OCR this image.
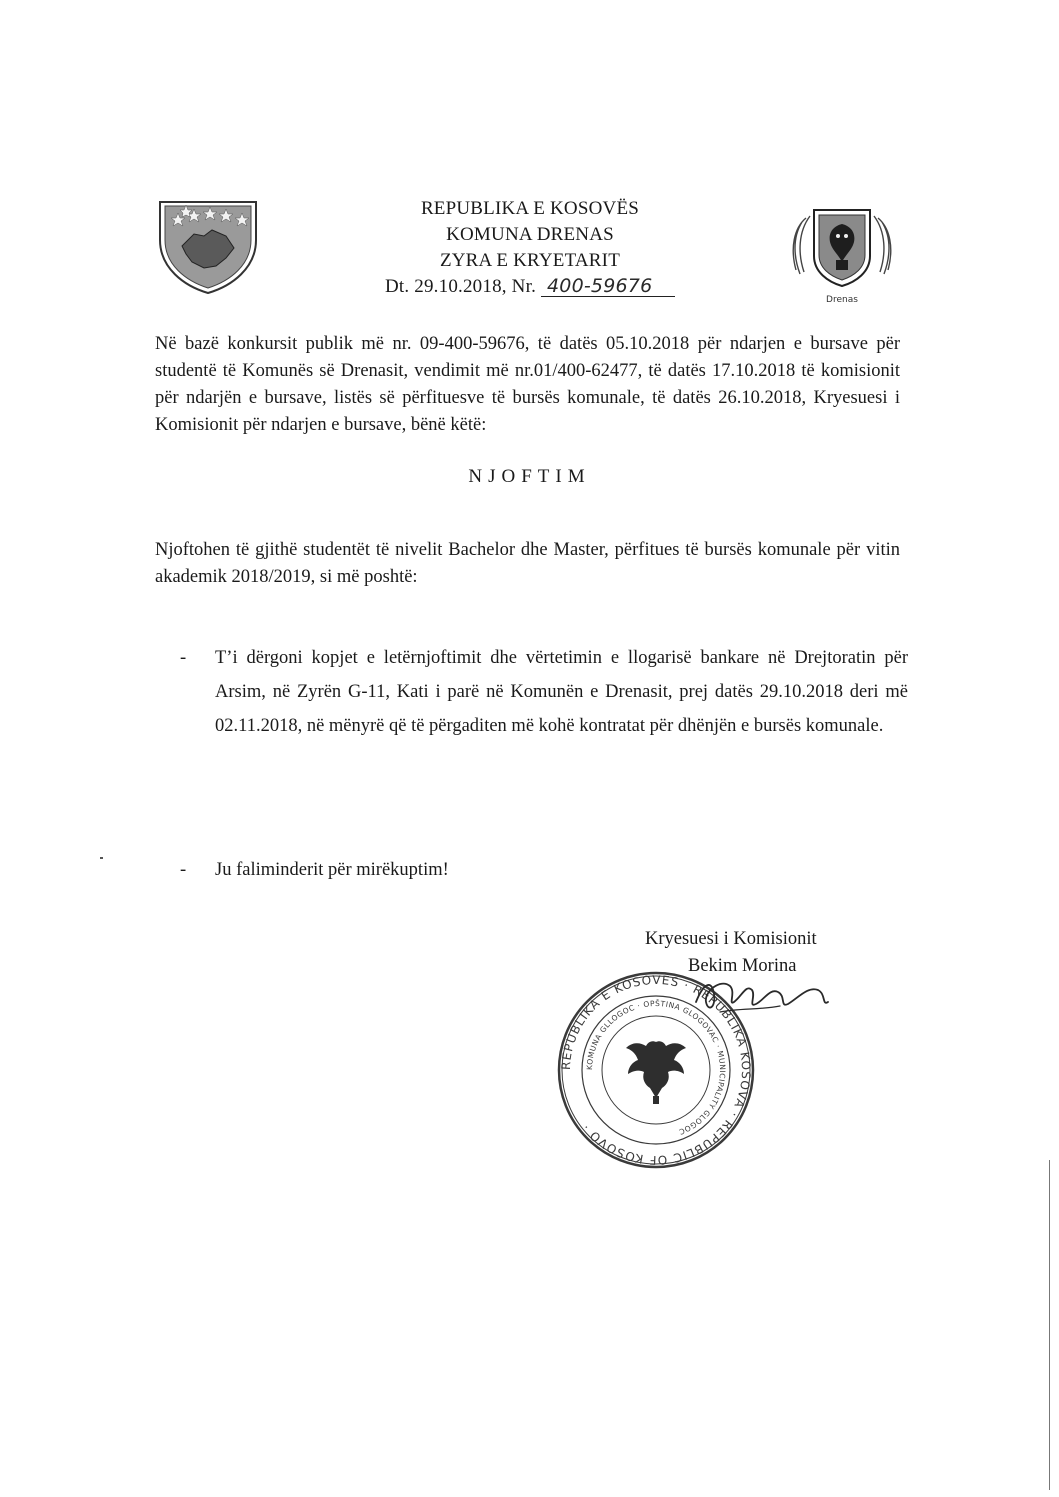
REPUBLIKA E KOSOVËS
KOMUNA DRENAS
ZYRA E KRYETARIT
Dt. 29.10.2018, Nr. 400-59676
Drenas
Në bazë konkursit publik më nr. 09-400-59676, të datës 05.10.2018 për ndarjen e bursave për studentë të Komunës së Drenasit, vendimit më nr.01/400-62477, të datës 17.10.2018 të komisionit për ndarjën e bursave, listës së përfituesve të bursës komunale, të datës 26.10.2018, Kryesuesi i Komisionit për ndarjen e bursave, bënë këtë:
NJOFTIM
Njoftohen të gjithë studentët të nivelit Bachelor dhe Master, përfitues të bursës komunale për vitin akademik 2018/2019, si më poshtë:
- T’i dërgoni kopjet e letërnjoftimit dhe vërtetimin e llogarisë bankare në Drejtoratin për Arsim, në Zyrën G-11, Kati i parë në Komunën e Drenasit, prej datës 29.10.2018 deri më 02.11.2018, në mënyrë që të përgaditen më kohë kontratat për dhënjën e bursës komunale.
- Ju faliminderit për mirëkuptim!
Kryesuesi i Komisionit
Bekim Morina
REPUBLIKA E KOSOVËS · REPUBLIKA KOSOVA · REPUBLIC OF KOSOVO ·
KOMUNA GLLOGOC · OPŠTINA GLOGOVAC · MUNICIPALITY GLOGOC
